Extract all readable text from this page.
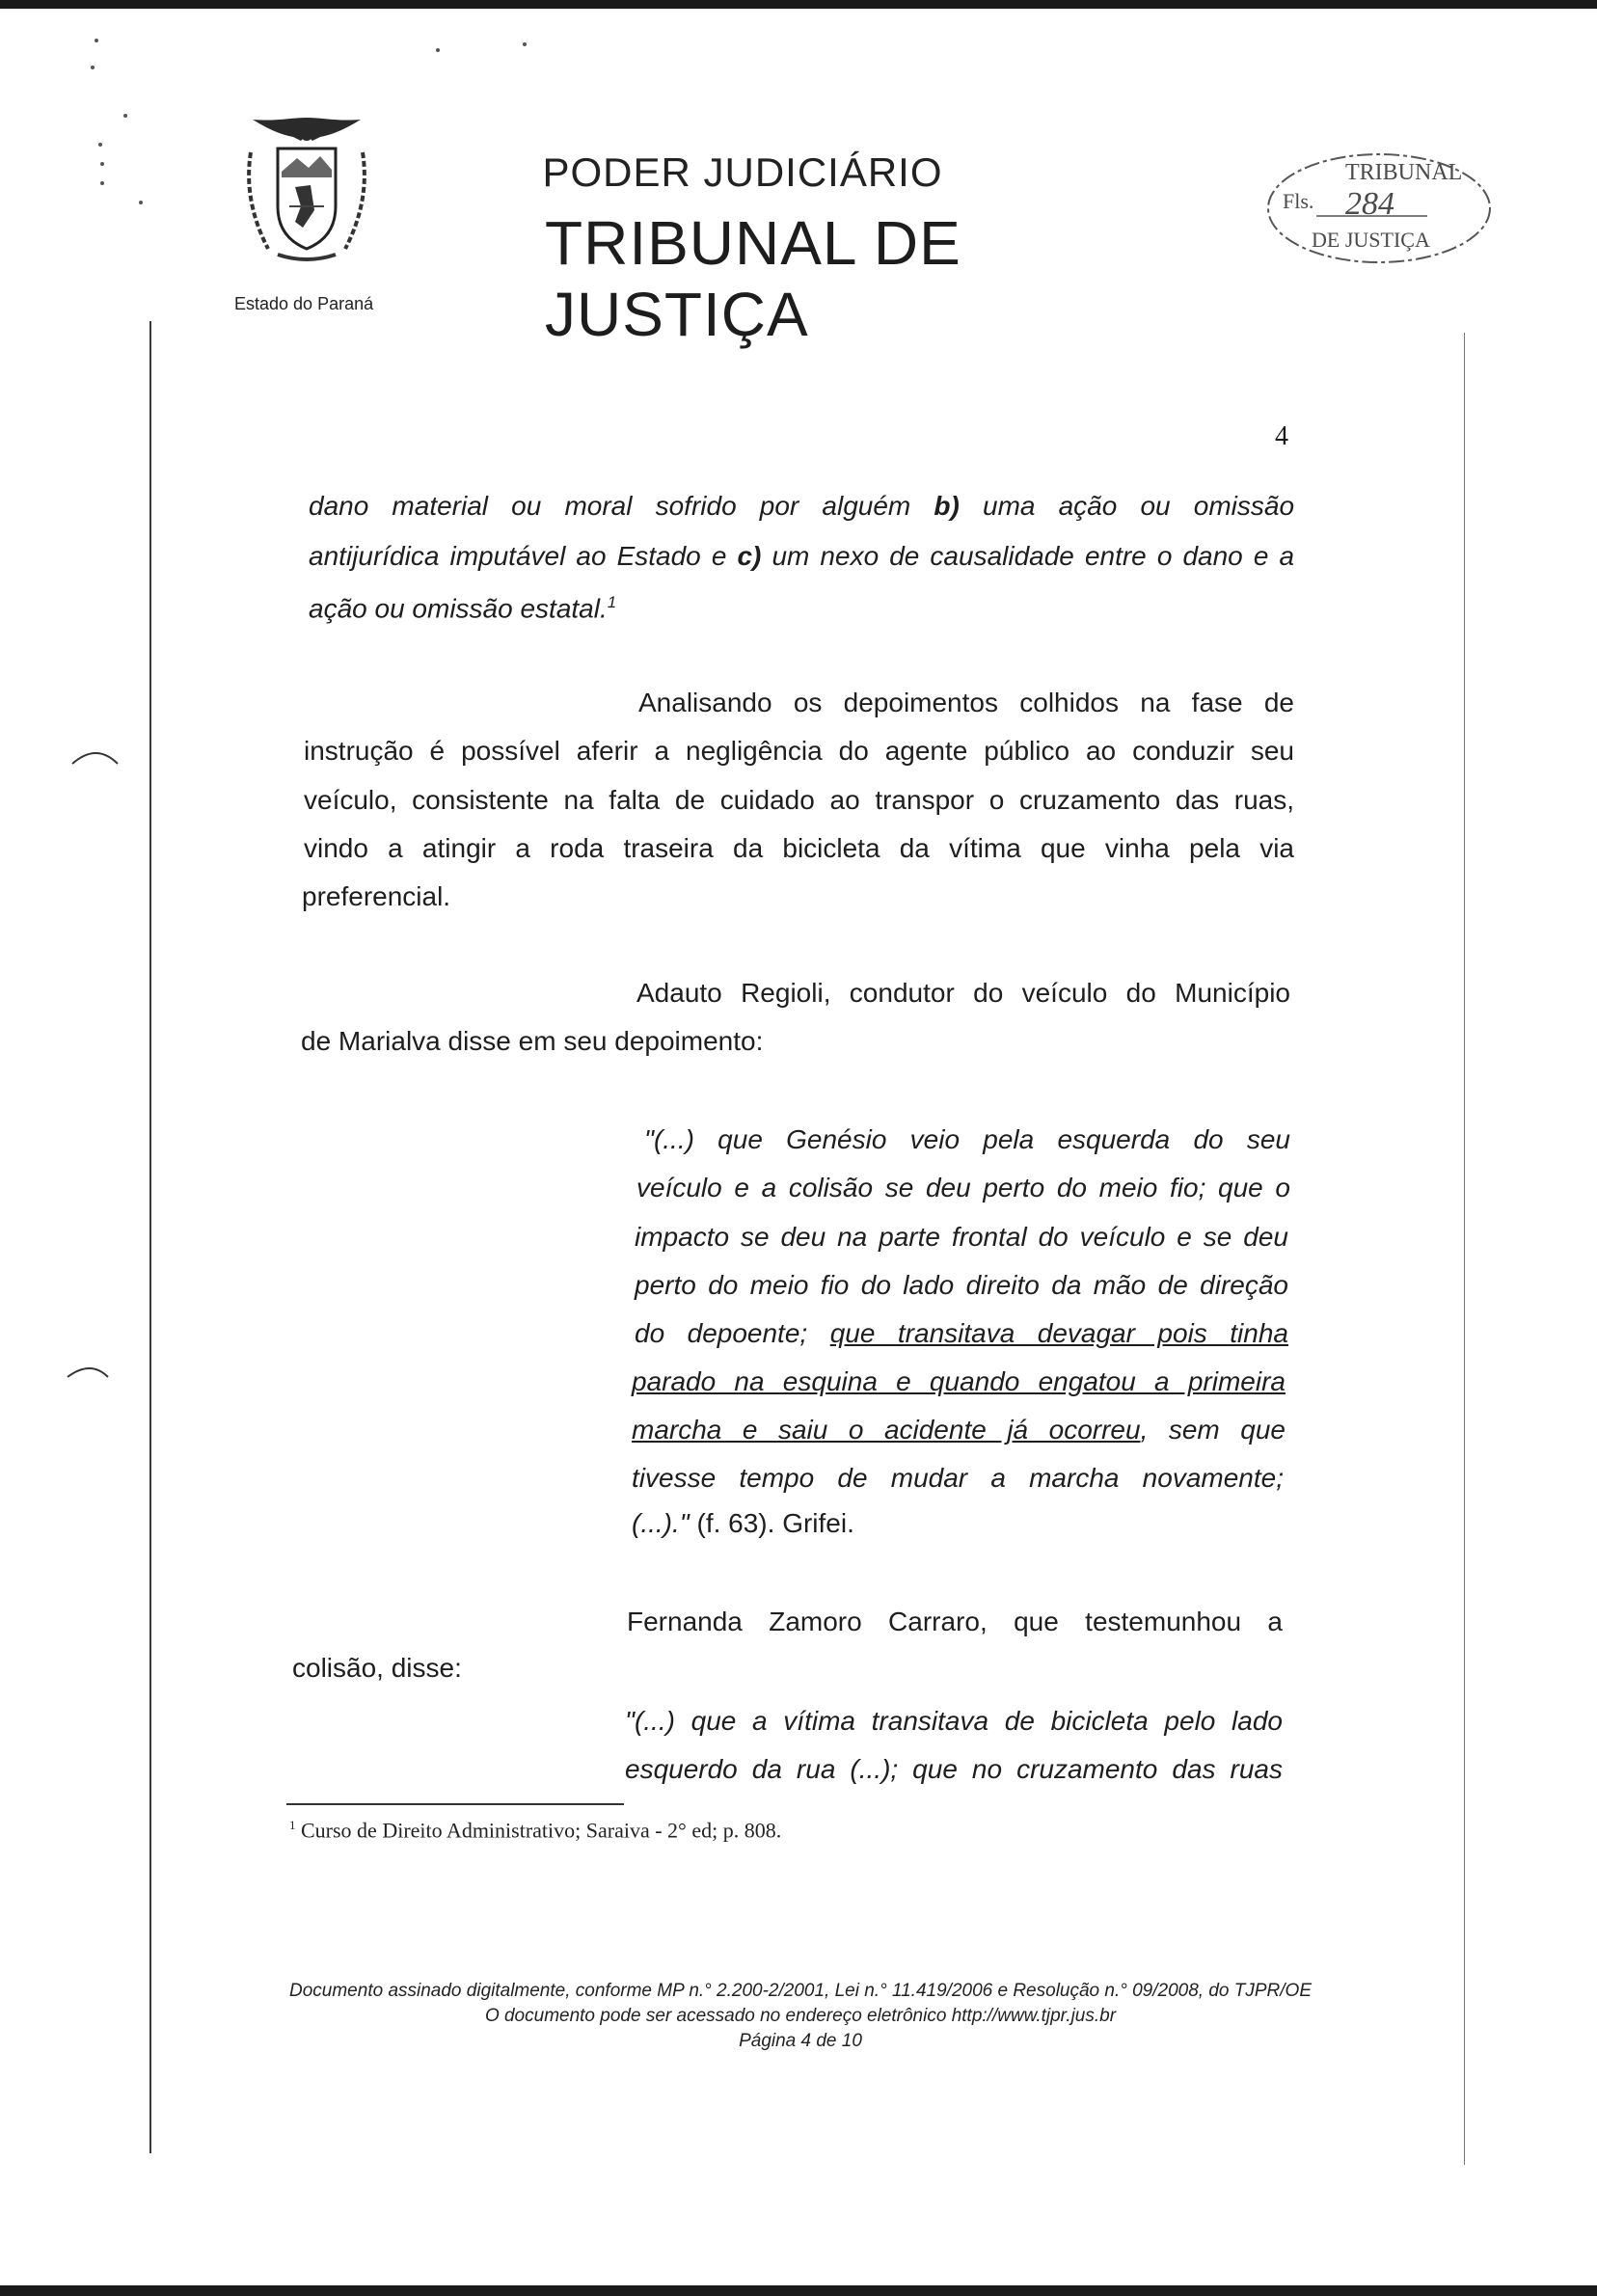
Estado do Paraná
PODER JUDICIÁRIO
TRIBUNAL DE JUSTIÇA
TRIBUNAL
Fls. 284
DE JUSTIÇA
4
dano material ou moral sofrido por alguém b) uma ação ou omissão
antijurídica imputável ao Estado e c) um nexo de causalidade entre o dano e a
ação ou omissão estatal.$^1$
Analisando os depoimentos colhidos na fase de
instrução é possível aferir a negligência do agente público ao conduzir seu
veículo, consistente na falta de cuidado ao transpor o cruzamento das ruas,
vindo a atingir a roda traseira da bicicleta da vítima que vinha pela via
preferencial.
Adauto Regioli, condutor do veículo do Município
de Marialva disse em seu depoimento:
"(...) que Genésio veio pela esquerda do seu
veículo e a colisão se deu perto do meio fio; que o
impacto se deu na parte frontal do veículo e se deu
perto do meio fio do lado direito da mão de direção
do depoente; que transitava devagar pois tinha
parado na esquina e quando engatou a primeira
marcha e saiu o acidente já ocorreu, sem que
tivesse tempo de mudar a marcha novamente;
(...)." (f. 63). Grifei.
Fernanda Zamoro Carraro, que testemunhou a
colisão, disse:
"(...) que a vítima transitava de bicicleta pelo lado
esquerdo da rua (...); que no cruzamento das ruas
$^1$ Curso de Direito Administrativo; Saraiva - 2° ed; p. 808.
Documento assinado digitalmente, conforme MP n.° 2.200-2/2001, Lei n.° 11.419/2006 e Resolução n.° 09/2008, do TJPR/OE
O documento pode ser acessado no endereço eletrônico http://www.tjpr.jus.br
Página 4 de 10
